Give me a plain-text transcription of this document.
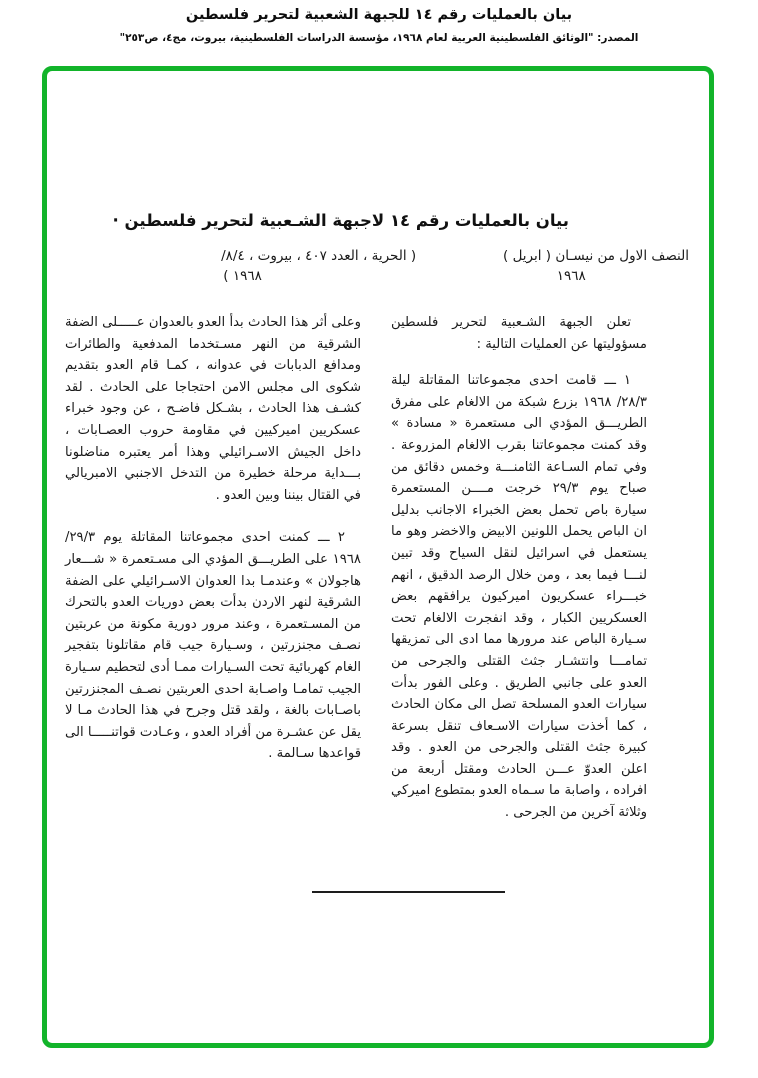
بيان بالعمليات رقم ١٤ للجبهة الشعبية لتحرير فلسطين
المصدر: "الوثائق الفلسطينية العربية لعام ١٩٦٨، مؤسسة الدراسات الفلسطينية، بيروت، مج٤، ص٢٥٣"
بيان بالعمليات رقم ١٤ لاجبهة الشـعبية لتحرير فلسطين ·
النصف الاول من نيسـان ( ابريل )
١٩٦٨
( الحرية ، العدد ٤٠٧ ، بيروت ، ٨/٤/
١٩٦٨ )

تعلن الجبهة الشـعبية لتحرير فلسطين مسؤوليتها عن العمليات التالية :

١ ـــ قامت احدى مجموعاتنا المقاتلة ليلة ٢٨/٣/ ١٩٦٨ بزرع شبكة من الالغام على مفرق الطريـــق المؤدي الى مستعمرة « مسادة » وقد كمنت مجموعاتنا بقرب الالغام المزروعة . وفي تمام السـاعة الثامنـــة وخمس دقائق من صباح يوم ٢٩/٣ خرجت مــــن المستعمرة سيارة باص تحمل بعض الخبراء الاجانب بدليل ان الباص يحمل اللونين الابيض والاخضر وهو ما يستعمل في اسرائيل لنقل السياح وقد تبين لنـــا فيما بعد ، ومن خلال الرصد الدقيق ، انهم خبـــراء عسكريون اميركيون يرافقهم بعض العسكريين الكبار ، وقد انفجرت الالغام تحت سـيارة الباص عند مرورها مما ادى الى تمزيقها تمامـــا وانتشـار جثث القتلى والجرحى من العدو على جانبي الطريق . وعلى الفور بدأت سيارات العدو المسلحة تصل الى مكان الحادث ، كما أخذت سيارات الاسـعاف تنقل بسرعة كبيرة جثث القتلى والجرحى من العدو . وقد اعلن العدوّ عـــن الحادث ومقتل أربعة من افراده ، واصابة ما سـماه العدو بمتطوع اميركي وثلاثة آخرين من الجرحى .

وعلى أثر هذا الحادث بدأ العدو بالعدوان عـــــلى الضفة الشرقية من النهر مسـتخدما المدفعية والطائرات ومدافع الدبابات في عدوانه ، كمـا قام العدو بتقديم شكوى الى مجلس الامن احتجاجا على الحادث . لقد كشـف هذا الحادث ، بشـكل فاضـح ، عن وجود خبراء عسكريين اميركيين في مقاومة حروب العصـابات ، داخل الجيش الاسـرائيلي وهذا أمر يعتبره مناضلونا بـــداية مرحلة خطيرة من التدخل الاجنبي الامبريالي في القتال بيننا وبين العدو .

٢ ـــ كمنت احدى مجموعاتنا المقاتلة يوم ٢٩/٣/ ١٩٦٨ على الطريـــق المؤدي الى مسـتعمرة « شـــعار هاجولان » وعندمـا بدا العدوان الاسـرائيلي على الضفة الشرقية لنهر الاردن بدأت بعض دوريات العدو بالتحرك من المسـتعمرة ، وعند مرور دورية مكونة من عربتين نصـف مجنزرتين ، وسـيارة جيب قام مقاتلونا بتفجير الغام كهربائية تحت السـيارات ممـا أدى لتحطيم سـيارة الجيب تمامـا واصـابة احدى العربتين نصـف المجنزرتين باصـابات بالغة ، ولقد قتل وجرح في هذا الحادث مـا لا يقل عن عشـرة من أفراد العدو ، وعـادت قواتنـــــا الى قواعدها سـالمة .
